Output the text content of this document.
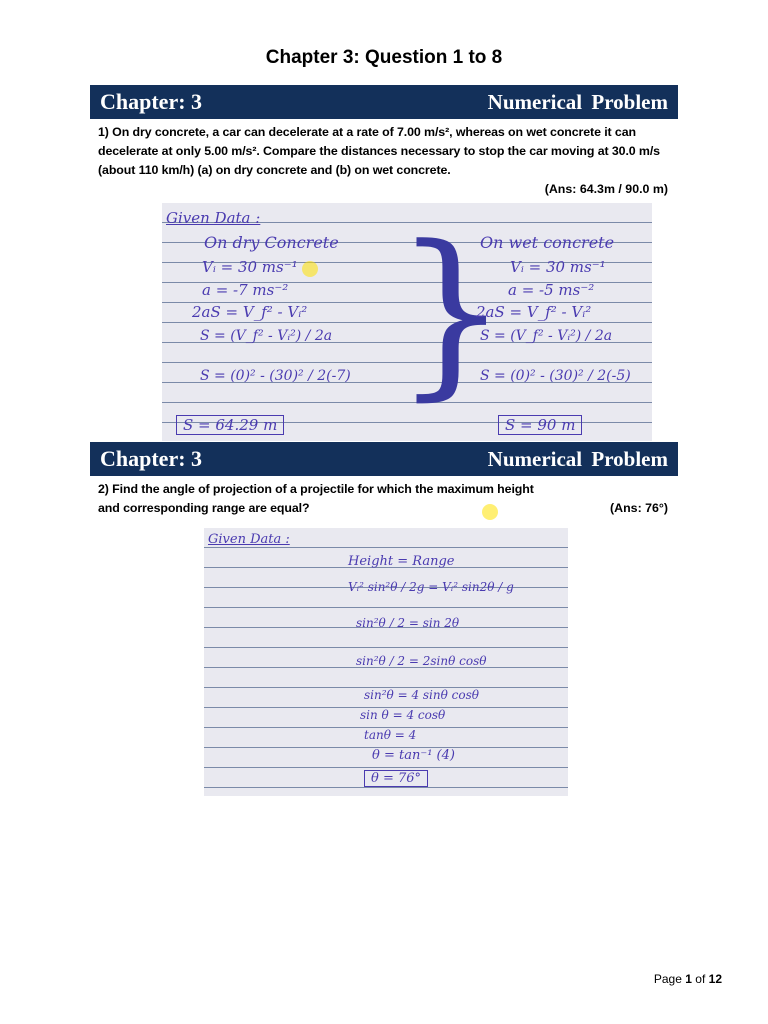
Chapter 3: Question 1 to 8
Chapter: 3	Numerical Problem
1) On dry concrete, a car can decelerate at a rate of 7.00 m/s², whereas on wet concrete it can decelerate at only 5.00 m/s². Compare the distances necessary to stop the car moving at 30.0 m/s (about 110 km/h) (a) on dry concrete and (b) on wet concrete.
(Ans: 64.3m / 90.0 m)
Given Data :
On dry Concrete
Vᵢ = 30 ms⁻¹
a = -7 ms⁻²
2aS = V_f² - Vᵢ²
S = (V_f² - Vᵢ²) / 2a
S = (0)² - (30)² / 2(-7)
S = 64.29 m
}
On wet concrete
Vᵢ = 30 ms⁻¹
a = -5 ms⁻²
2aS = V_f² - Vᵢ²
S = (V_f² - Vᵢ²) / 2a
S = (0)² - (30)² / 2(-5)
S = 90 m
Chapter: 3	Numerical Problem
2) Find the angle of projection of a projectile for which the maximum height and corresponding range are equal?	(Ans: 76°)
Given Data :
Height = Range
Vᵢ² sin²θ / 2g = Vᵢ² sin2θ / g
sin²θ / 2 = sin 2θ
sin²θ / 2 = 2sinθ cosθ
sin²θ = 4 sinθ cosθ
sin θ = 4 cosθ
tanθ = 4
θ = tan⁻¹ (4)
θ = 76°
Page 1 of 12
